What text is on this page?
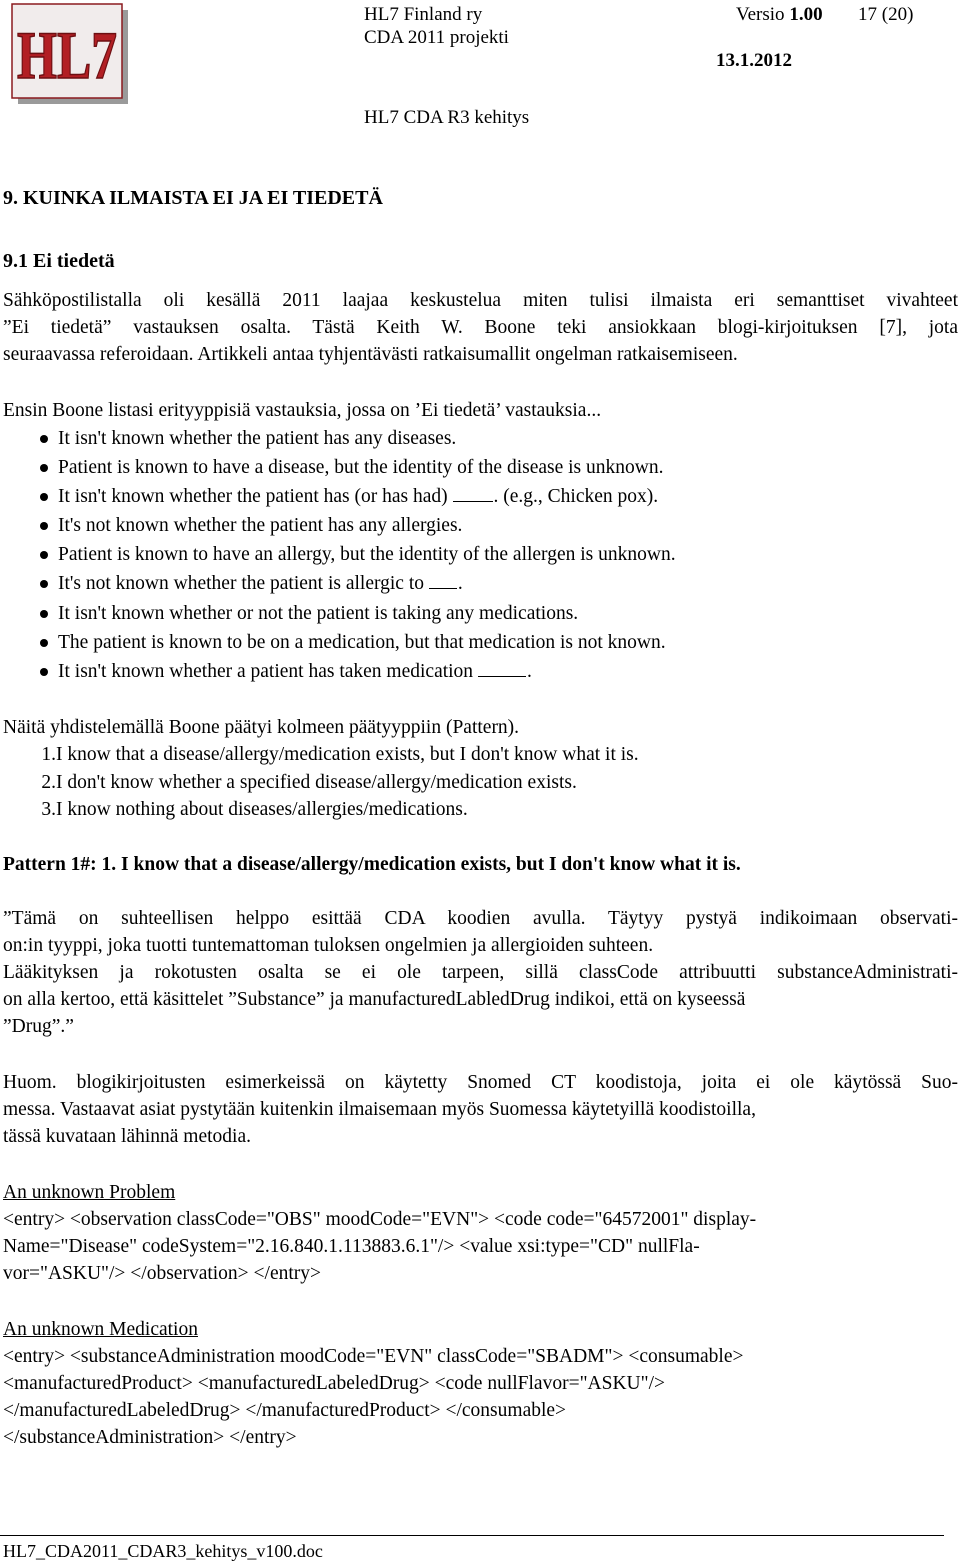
HL7
HL7 Finland ry	Versio 1.00 17 (20)
CDA 2011 projekti
13.1.2012
HL7 CDA R3 kehitys
9. KUINKA ILMAISTA EI JA EI TIEDETÄ
9.1 Ei tiedetä
Sähköpostilistalla oli kesällä 2011 laajaa keskustelua miten tulisi ilmaista eri semanttiset vivahteet
”Ei tiedetä” vastauksen osalta. Tästä Keith W. Boone teki ansiokkaan blogi-kirjoituksen [7], jota
seuraavassa referoidaan. Artikkeli antaa tyhjentävästi ratkaisumallit ongelman ratkaisemiseen.
Ensin Boone listasi erityyppisiä vastauksia, jossa on ’Ei tiedetä’ vastauksia...
It isn't known whether the patient has any diseases.
Patient is known to have a disease, but the identity of the disease is unknown.
It isn't known whether the patient has (or has had) . (e.g., Chicken pox).
It's not known whether the patient has any allergies.
Patient is known to have an allergy, but the identity of the allergen is unknown.
It's not known whether the patient is allergic to .
It isn't known whether or not the patient is taking any medications.
The patient is known to be on a medication, but that medication is not known.
It isn't known whether a patient has taken medication	.
Näitä yhdistelemällä Boone päätyi kolmeen päätyyppiin (Pattern).
1.I know that a disease/allergy/medication exists, but I don't know what it is.
2.I don't know whether a specified disease/allergy/medication exists.
3.I know nothing about diseases/allergies/medications.
Pattern 1#: 1. I know that a disease/allergy/medication exists, but I don't know what it is.
”Tämä on suhteellisen helppo esittää CDA koodien avulla. Täytyy pystyä indikoimaan observati-
on:in tyyppi, joka tuotti tuntemattoman tuloksen ongelmien ja allergioiden suhteen.
Lääkityksen ja rokotusten osalta se ei ole tarpeen, sillä classCode attribuutti substanceAdministrati-
on alla kertoo, että käsittelet ”Substance” ja manufacturedLabledDrug indikoi, että on kyseessä
”Drug”.”
Huom. blogikirjoitusten esimerkeissä on käytetty Snomed CT koodistoja, joita ei ole käytössä Suo-
messa. Vastaavat asiat pystytään kuitenkin ilmaisemaan myös Suomessa käytetyillä koodistoilla,
tässä kuvataan lähinnä metodia.
An unknown Problem
<entry> <observation classCode="OBS" moodCode="EVN"> <code code="64572001" display-
Name="Disease" codeSystem="2.16.840.1.113883.6.1"/> <value xsi:type="CD" nullFla-
vor="ASKU"/> </observation> </entry>
An unknown Medication
<entry> <substanceAdministration moodCode="EVN" classCode="SBADM"> <consumable>
<manufacturedProduct> <manufacturedLabeledDrug> <code nullFlavor="ASKU"/>
</manufacturedLabeledDrug> </manufacturedProduct> </consumable>
</substanceAdministration> </entry>
HL7_CDA2011_CDAR3_kehitys_v100.doc
